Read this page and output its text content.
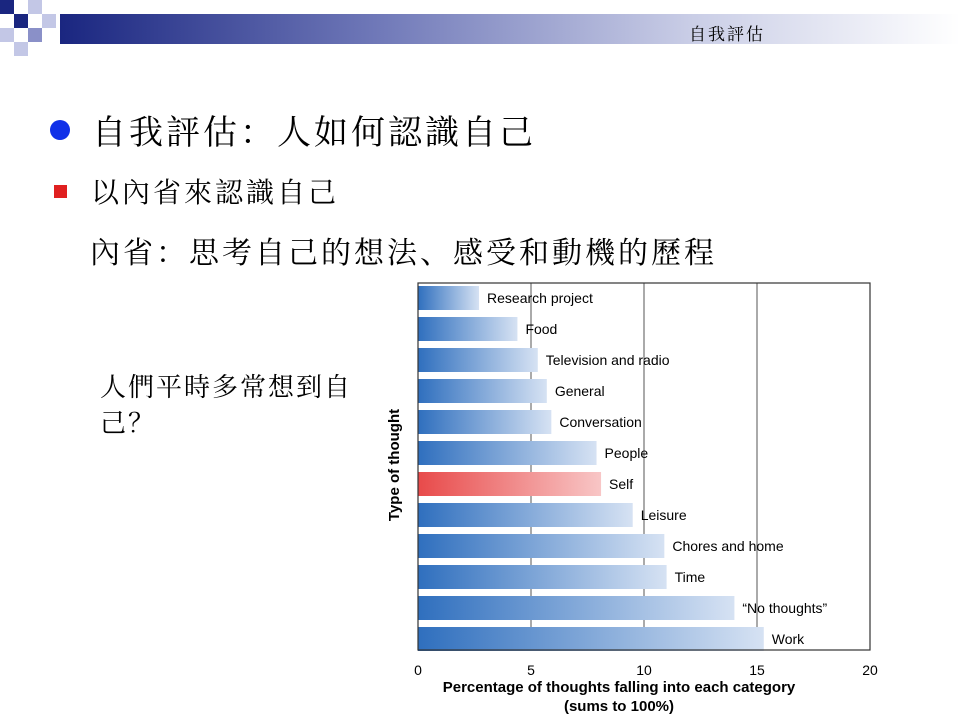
自我評估
自我評估：人如何認識自己
以內省來認識自己
內省：思考自己的想法、感受和動機的歷程
人們平時多常想到自己？
Research project
Food
Television and radio
General
Conversation
People
Self
Leisure
Chores and home
Time
“No thoughts”
Work
0	5	10	15	20
Type of thought
Percentage of thoughts falling into each category
(sums to 100%)
